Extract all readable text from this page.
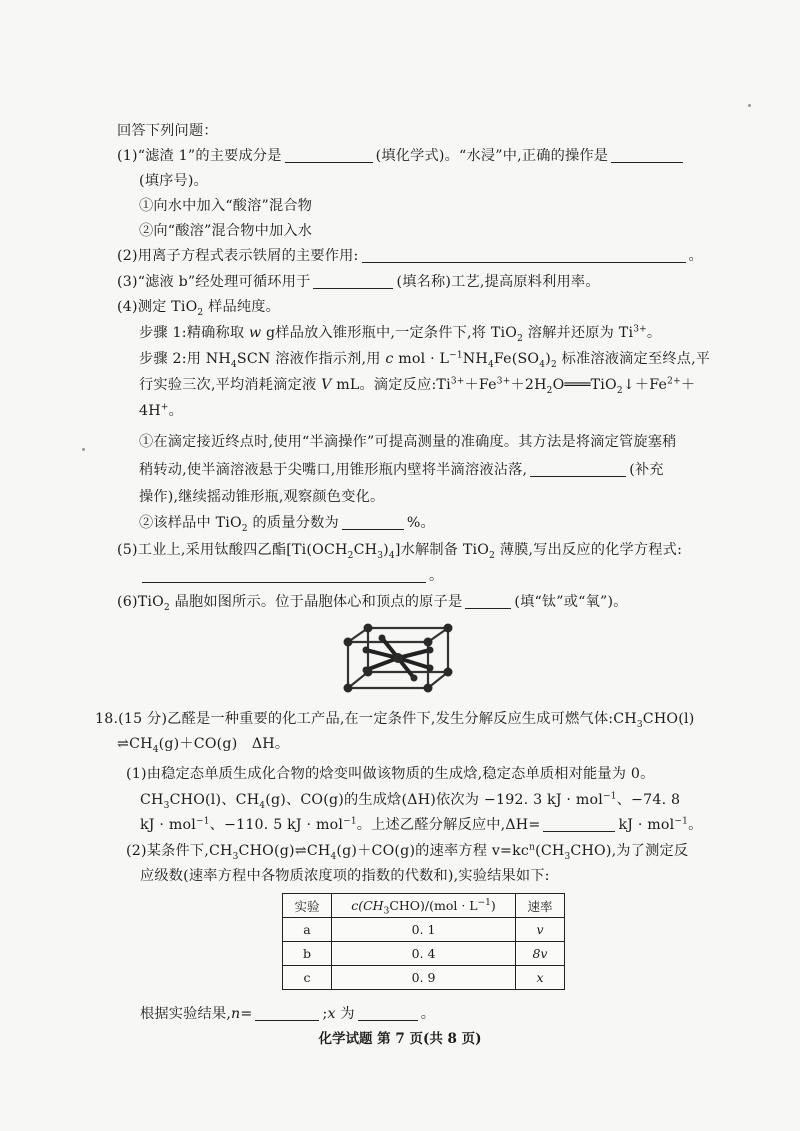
回答下列问题：
(1)“滤渣 1”的主要成分是	(填化学式)。“水浸”中,正确的操作是
(填序号)。
①向水中加入“酸溶”混合物
②向“酸溶”混合物中加入水
(2)用离子方程式表示铁屑的主要作用:	。
(3)“滤液 b”经处理可循环用于	(填名称)工艺,提高原料利用率。
(4)测定 TiO$_2$ 样品纯度。
步骤 1:精确称取 w g样品放入锥形瓶中,一定条件下,将 TiO$_2$ 溶解并还原为 $Ti^{3+}$。
步骤 2:用 $NH_4SCN$ 溶液作指示剂,用 c mol · $L^{-1}NH_4Fe(SO_4)_2$ 标准溶液滴定至终点,平
行实验三次,平均消耗滴定液 V mL。滴定反应$:Ti^{3+}+Fe^{3+}+2H_2O═══TiO_2↓+Fe^{2+}+$
4H+。
①在滴定接近终点时,使用“半滴操作”可提高测量的准确度。其方法是将滴定管旋塞稍
稍转动,使半滴溶液悬于尖嘴口,用锥形瓶内壁将半滴溶液沾落,	(补充
操作),继续摇动锥形瓶,观察颜色变化。
②该样品中 TiO$_2$ 的质量分数为	%。
(5)工业上,采用钛酸四乙酯$[Ti(OCH_2CH_3)_4]$水解制备 TiO$_2$ 薄膜,写出反应的化学方程式:
。
(6)TiO$_2$ 晶胞如图所示。位于晶胞体心和顶点的原子是	(填“钛”或“氧”)。
18.(15 分)乙醛是一种重要的化工产品,在一定条件下,发生分解反应生成可燃气体$:CH_3CHO(l)$
$\rightleftharpoons CH_4(g)+CO(g)$　ΔH。
(1)由稳定态单质生成化合物的焓变叫做该物质的生成焓,稳定态单质相对能量为 0。
$CH_3CHO(l)$、$CH_4(g)$、CO(g)的生成焓(ΔH)依次为 −192. 3 kJ · mol$^{-1}$、−74. 8
kJ · mol$^{-1}$、−110. 5 kJ · mol$^{-1}$。上述乙醛分解反应中,ΔH=	kJ · mol$^{-1}$。
(2)某条件下$,CH_3CHO(g)\rightleftharpoons CH_4(g)+CO(g)$的速率方程 $v=kc^n(CH_3CHO)$,为了测定反
应级数(速率方程中各物质浓度项的指数的代数和),实验结果如下:
实验	$c(CH_3CHO)/(mol \cdot L^{-1})$	速率
a	0. 1	v
b	0. 4	8v
c	0. 9	x
根据实验结果,n=	;x 为	。
化学试题 第 7 页(共 8 页)
